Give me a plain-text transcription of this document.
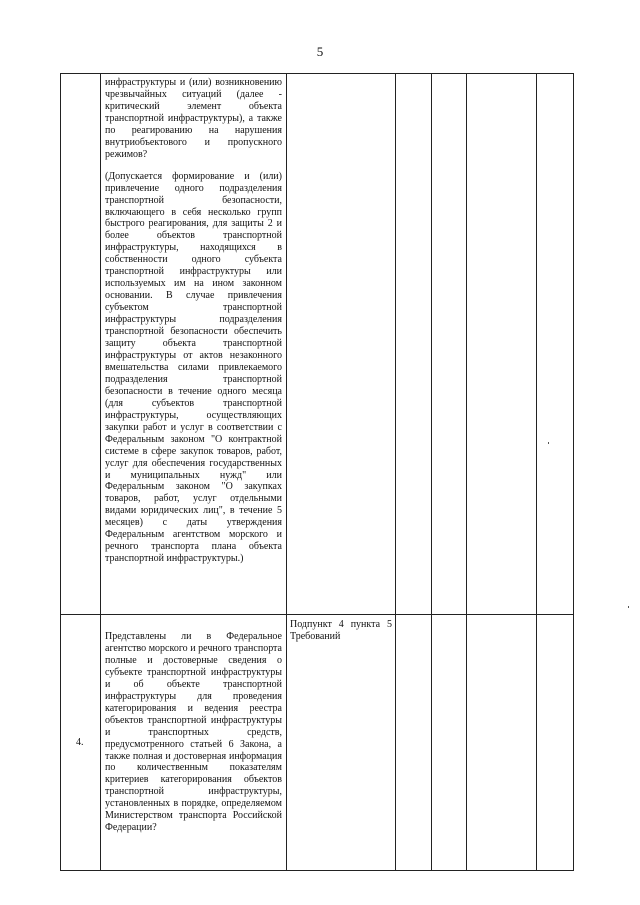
5

инфраструктуры и (или) возникновению чрезвычайных ситуаций (далее - критический элемент объекта транспортной инфраструктуры), а также по реагированию на нарушения внутриобъектового и пропускного режимов?

(Допускается формирование и (или) привлечение одного подразделения транспортной безопасности, включающего в себя несколько групп быстрого реагирования, для защиты 2 и более объектов транспортной инфраструктуры, находящихся в собственности одного субъекта транспортной инфраструктуры или используемых им на ином законном основании. В случае привлечения субъектом транспортной инфраструктуры подразделения транспортной безопасности обеспечить защиту объекта транспортной инфраструктуры от актов незаконного вмешательства силами привлекаемого подразделения транспортной безопасности в течение одного месяца (для субъектов транспортной инфраструктуры, осуществляющих закупки работ и услуг в соответствии с Федеральным законом "О контрактной системе в сфере закупок товаров, работ, услуг для обеспечения государственных и муниципальных нужд" или Федеральным законом "О закупках товаров, работ, услуг отдельными видами юридических лиц", в течение 5 месяцев) с даты утверждения Федеральным агентством морского и речного транспорта плана объекта транспортной инфраструктуры.)

4.

Представлены ли в Федеральное агентство морского и речного транспорта полные и достоверные сведения о субъекте транспортной инфраструктуры и об объекте транспортной инфраструктуры для проведения категорирования и ведения реестра объектов транспортной инфраструктуры и транспортных средств, предусмотренного статьей 6 Закона, а также полная и достоверная информация по количественным показателям критериев категорирования объектов транспортной инфраструктуры, установленных в порядке, определяемом Министерством транспорта Российской Федерации?

Подпункт 4 пункта 5 Требований
